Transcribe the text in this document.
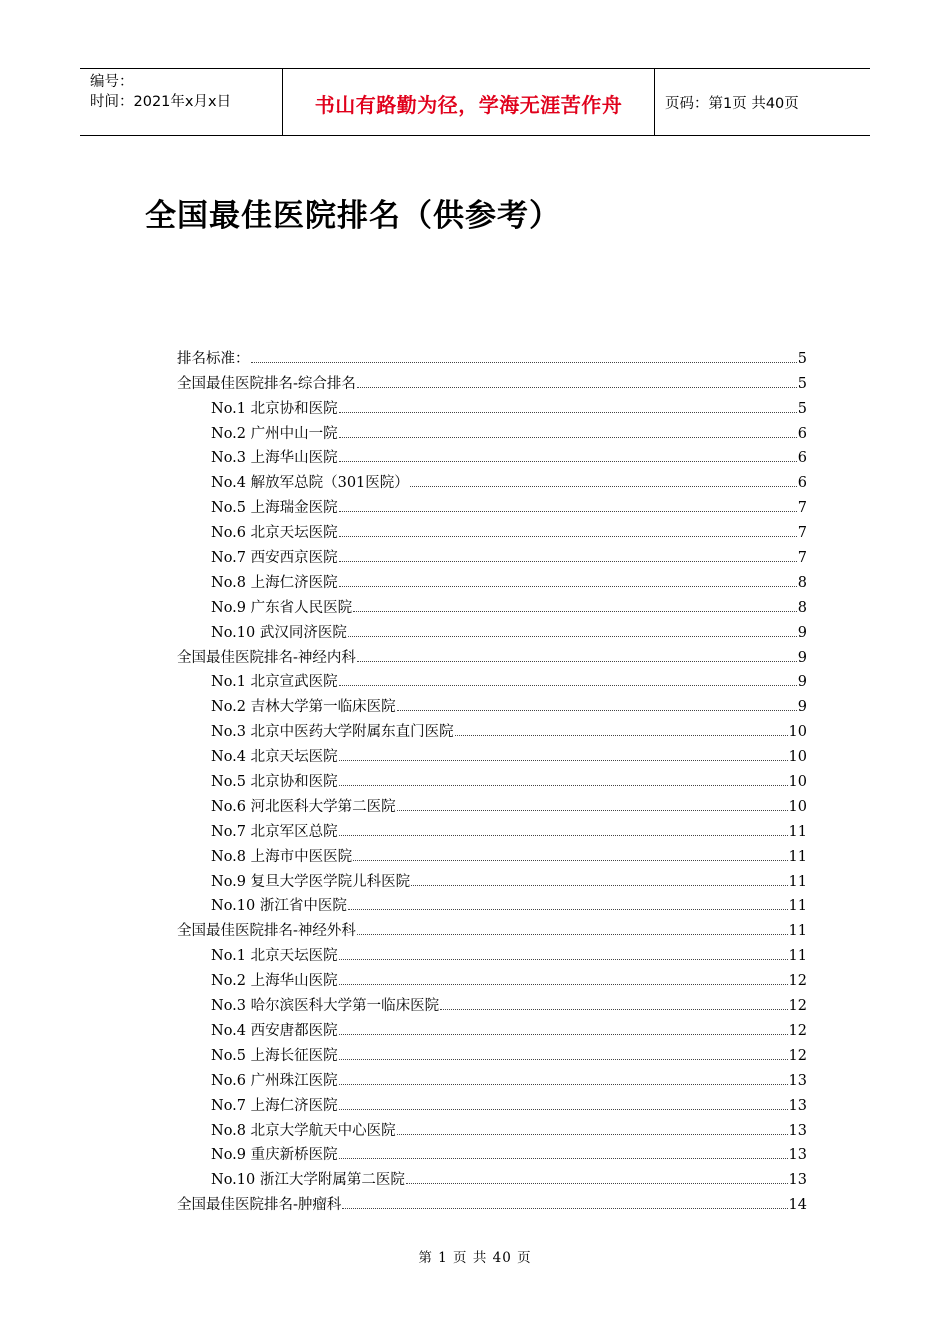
编号：
时间：2021年x月x日	书山有路勤为径，学海无涯苦作舟	页码：第1页 共40页
全国最佳医院排名（供参考）
排名标准：	5
全国最佳医院排名-综合排名	5
No.1 北京协和医院	5
No.2 广州中山一院	6
No.3 上海华山医院	6
No.4 解放军总院（301医院）	6
No.5 上海瑞金医院	7
No.6 北京天坛医院	7
No.7 西安西京医院	7
No.8 上海仁济医院	8
No.9 广东省人民医院	8
No.10 武汉同济医院	9
全国最佳医院排名-神经内科	9
No.1 北京宣武医院	9
No.2 吉林大学第一临床医院	9
No.3 北京中医药大学附属东直门医院	10
No.4 北京天坛医院	10
No.5 北京协和医院	10
No.6 河北医科大学第二医院	10
No.7 北京军区总院	11
No.8 上海市中医医院	11
No.9 复旦大学医学院儿科医院	11
No.10 浙江省中医院	11
全国最佳医院排名-神经外科	11
No.1 北京天坛医院	11
No.2 上海华山医院	12
No.3 哈尔滨医科大学第一临床医院	12
No.4 西安唐都医院	12
No.5 上海长征医院	12
No.6 广州珠江医院	13
No.7 上海仁济医院	13
No.8 北京大学航天中心医院	13
No.9 重庆新桥医院	13
No.10 浙江大学附属第二医院	13
全国最佳医院排名-肿瘤科	14
第 1 页 共 40 页
